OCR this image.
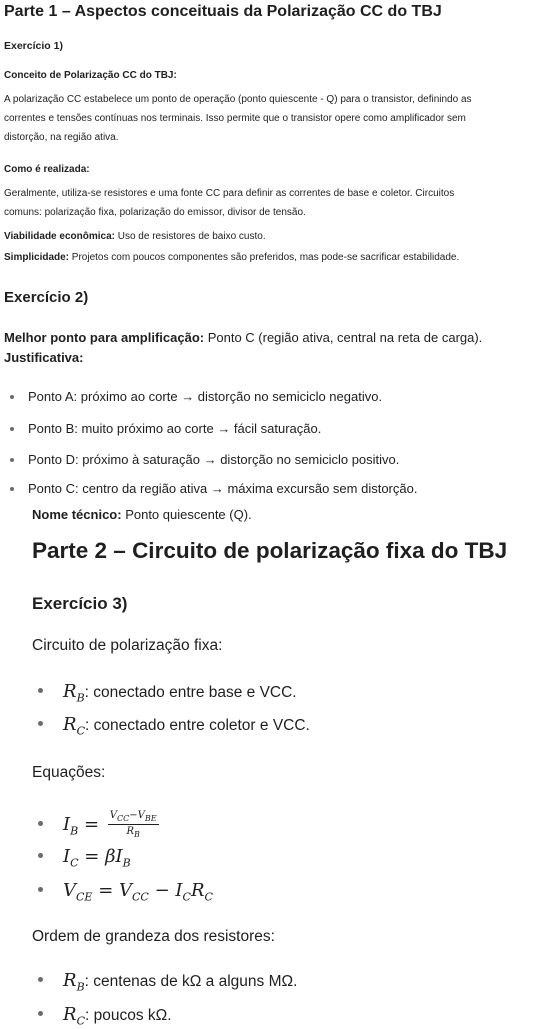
Parte 1 – Aspectos conceituais da Polarização CC do TBJ
Exercício 1)
Conceito de Polarização CC do TBJ:
A polarização CC estabelece um ponto de operação (ponto quiescente - Q) para o transistor, definindo as
correntes e tensões contínuas nos terminais. Isso permite que o transistor opere como amplificador sem
distorção, na região ativa.
Como é realizada:
Geralmente, utiliza-se resistores e uma fonte CC para definir as correntes de base e coletor. Circuitos
comuns: polarização fixa, polarização do emissor, divisor de tensão.
Viabilidade econômica: Uso de resistores de baixo custo.
Simplicidade: Projetos com poucos componentes são preferidos, mas pode-se sacrificar estabilidade.
Exercício 2)
Melhor ponto para amplificação: Ponto C (região ativa, central na reta de carga).
Justificativa:
Ponto A: próximo ao corte → distorção no semiciclo negativo.
Ponto B: muito próximo ao corte → fácil saturação.
Ponto D: próximo à saturação → distorção no semiciclo positivo.
Ponto C: centro da região ativa → máxima excursão sem distorção.
Nome técnico: Ponto quiescente (Q).
Parte 2 – Circuito de polarização fixa do TBJ
Exercício 3)
Circuito de polarização fixa:
$R_B$: conectado entre base e VCC.
$R_C$: conectado entre coletor e VCC.
Equações:
$I_B = \frac{V_{CC}-V_{BE}}{R_B}$
$I_C = \beta I_B$
$V_{CE} = V_{CC} - I_CR_C$
Ordem de grandeza dos resistores:
$R_B$: centenas de kΩ a alguns MΩ.
$R_C$: poucos kΩ.
